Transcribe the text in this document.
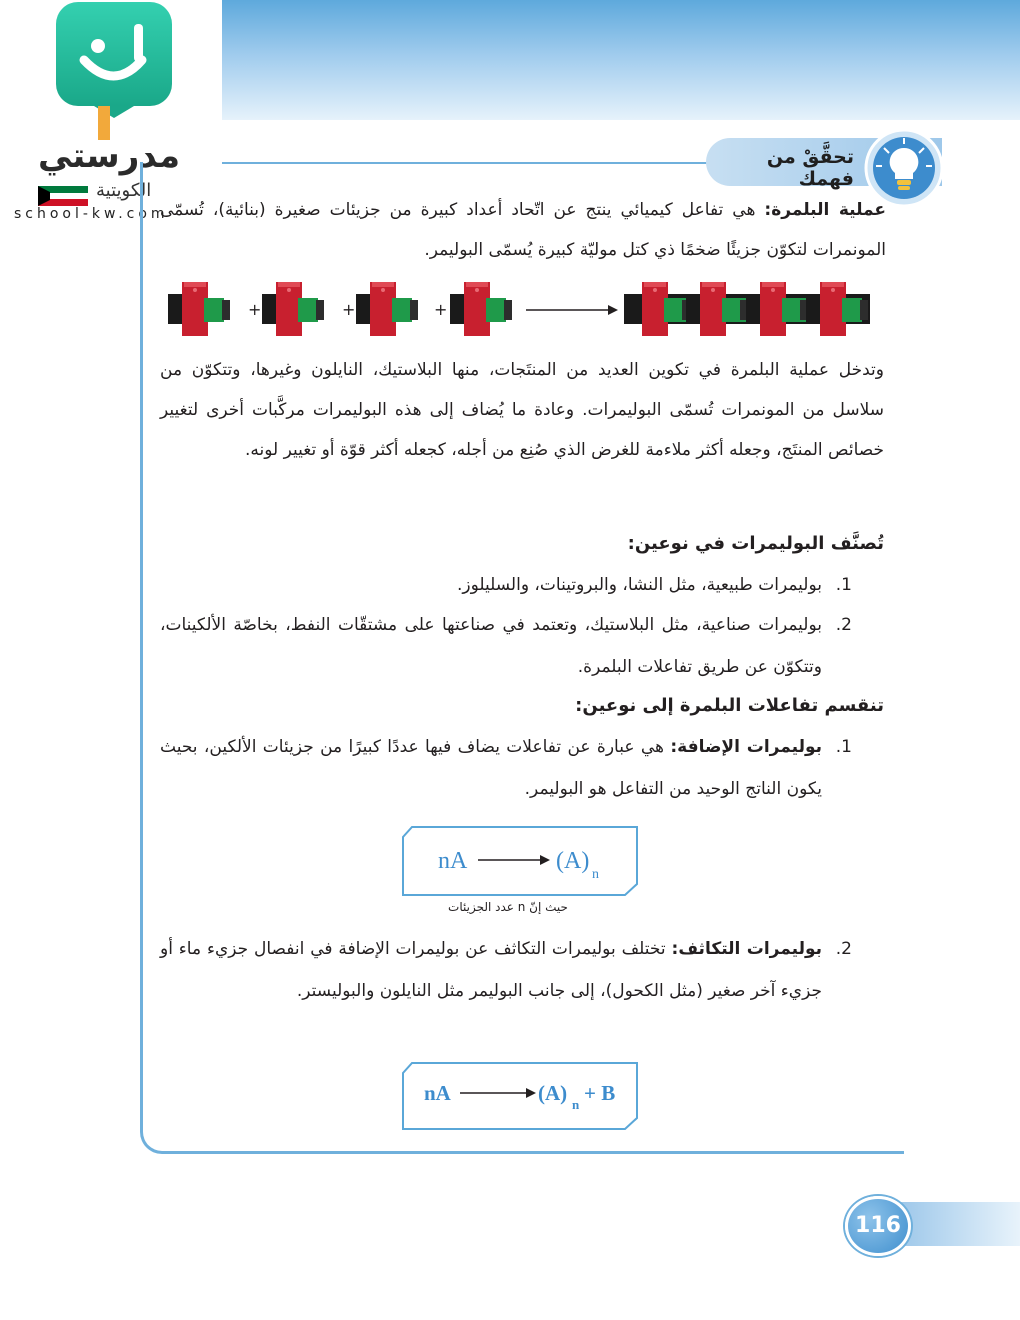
مدرستي
الكويتية
school-kw.com
تحقَّقْ من فهمك
عملية البلمرة: هي تفاعل كيميائي ينتج عن اتّحاد أعداد كبيرة من جزيئات صغيرة (بنائية)، تُسمّى المونمرات لتكوّن جزيئًا ضخمًا ذي كتل موليّة كبيرة يُسمّى البوليمر.
+	+	+
وتدخل عملية البلمرة في تكوين العديد من المنتَجات، منها البلاستيك، النايلون وغيرها، وتتكوّن من سلاسل من المونمرات تُسمّى البوليمرات. وعادة ما يُضاف إلى هذه البوليمرات مركَّبات أخرى لتغيير خصائص المنتَج، وجعله أكثر ملاءمة للغرض الذي صُنِع من أجله، كجعله أكثر قوّة أو تغيير لونه.
تُصنَّف البوليمرات في نوعين:
1.
بوليمرات طبيعية، مثل النشا، والبروتينات، والسليلوز.
2.
بوليمرات صناعية، مثل البلاستيك، وتعتمد في صناعتها على مشتقّات النفط، بخاصّة الألكينات، وتتكوّن عن طريق تفاعلات البلمرة.
تنقسم تفاعلات البلمرة إلى نوعين:
1.
بوليمرات الإضافة: هي عبارة عن تفاعلات يضاف فيها عددًا كبيرًا من جزيئات الألكين، بحيث يكون الناتج الوحيد من التفاعل هو البوليمر.
nA	(A)
n
حيث إنّ n عدد الجزيئات
2.
بوليمرات التكاثف: تختلف بوليمرات التكاثف عن بوليمرات الإضافة في انفصال جزيء ماء أو جزيء آخر صغير (مثل الكحول)، إلى جانب البوليمر مثل النايلون والبوليستر.
nA	(A) n + B
116
